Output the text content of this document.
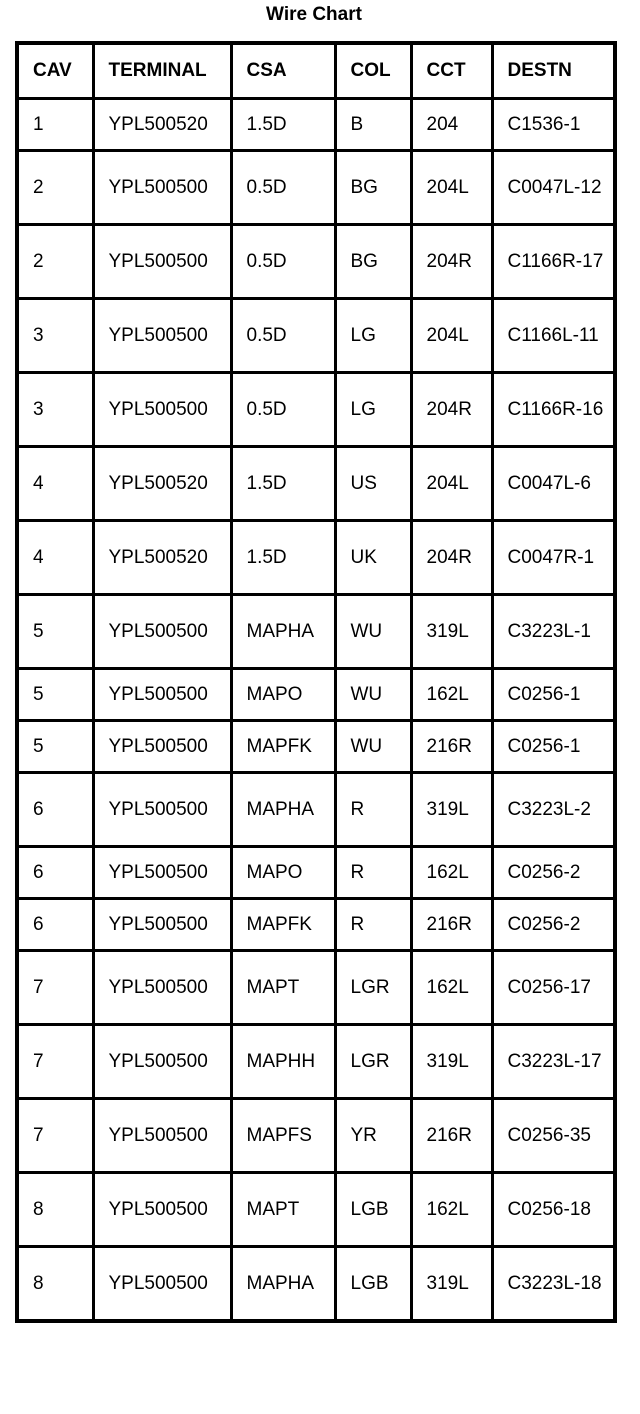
Wire Chart
CAV	TERMINAL	CSA	COL	CCT	DESTN
1	YPL500520	1.5D	B	204	C1536-1
2	YPL500500	0.5D	BG	204L	C0047L-12
2	YPL500500	0.5D	BG	204R	C1166R-17
3	YPL500500	0.5D	LG	204L	C1166L-11
3	YPL500500	0.5D	LG	204R	C1166R-16
4	YPL500520	1.5D	US	204L	C0047L-6
4	YPL500520	1.5D	UK	204R	C0047R-1
5	YPL500500	MAPHA	WU	319L	C3223L-1
5	YPL500500	MAPO	WU	162L	C0256-1
5	YPL500500	MAPFK	WU	216R	C0256-1
6	YPL500500	MAPHA	R	319L	C3223L-2
6	YPL500500	MAPO	R	162L	C0256-2
6	YPL500500	MAPFK	R	216R	C0256-2
7	YPL500500	MAPT	LGR	162L	C0256-17
7	YPL500500	MAPHH	LGR	319L	C3223L-17
7	YPL500500	MAPFS	YR	216R	C0256-35
8	YPL500500	MAPT	LGB	162L	C0256-18
8	YPL500500	MAPHA	LGB	319L	C3223L-18
